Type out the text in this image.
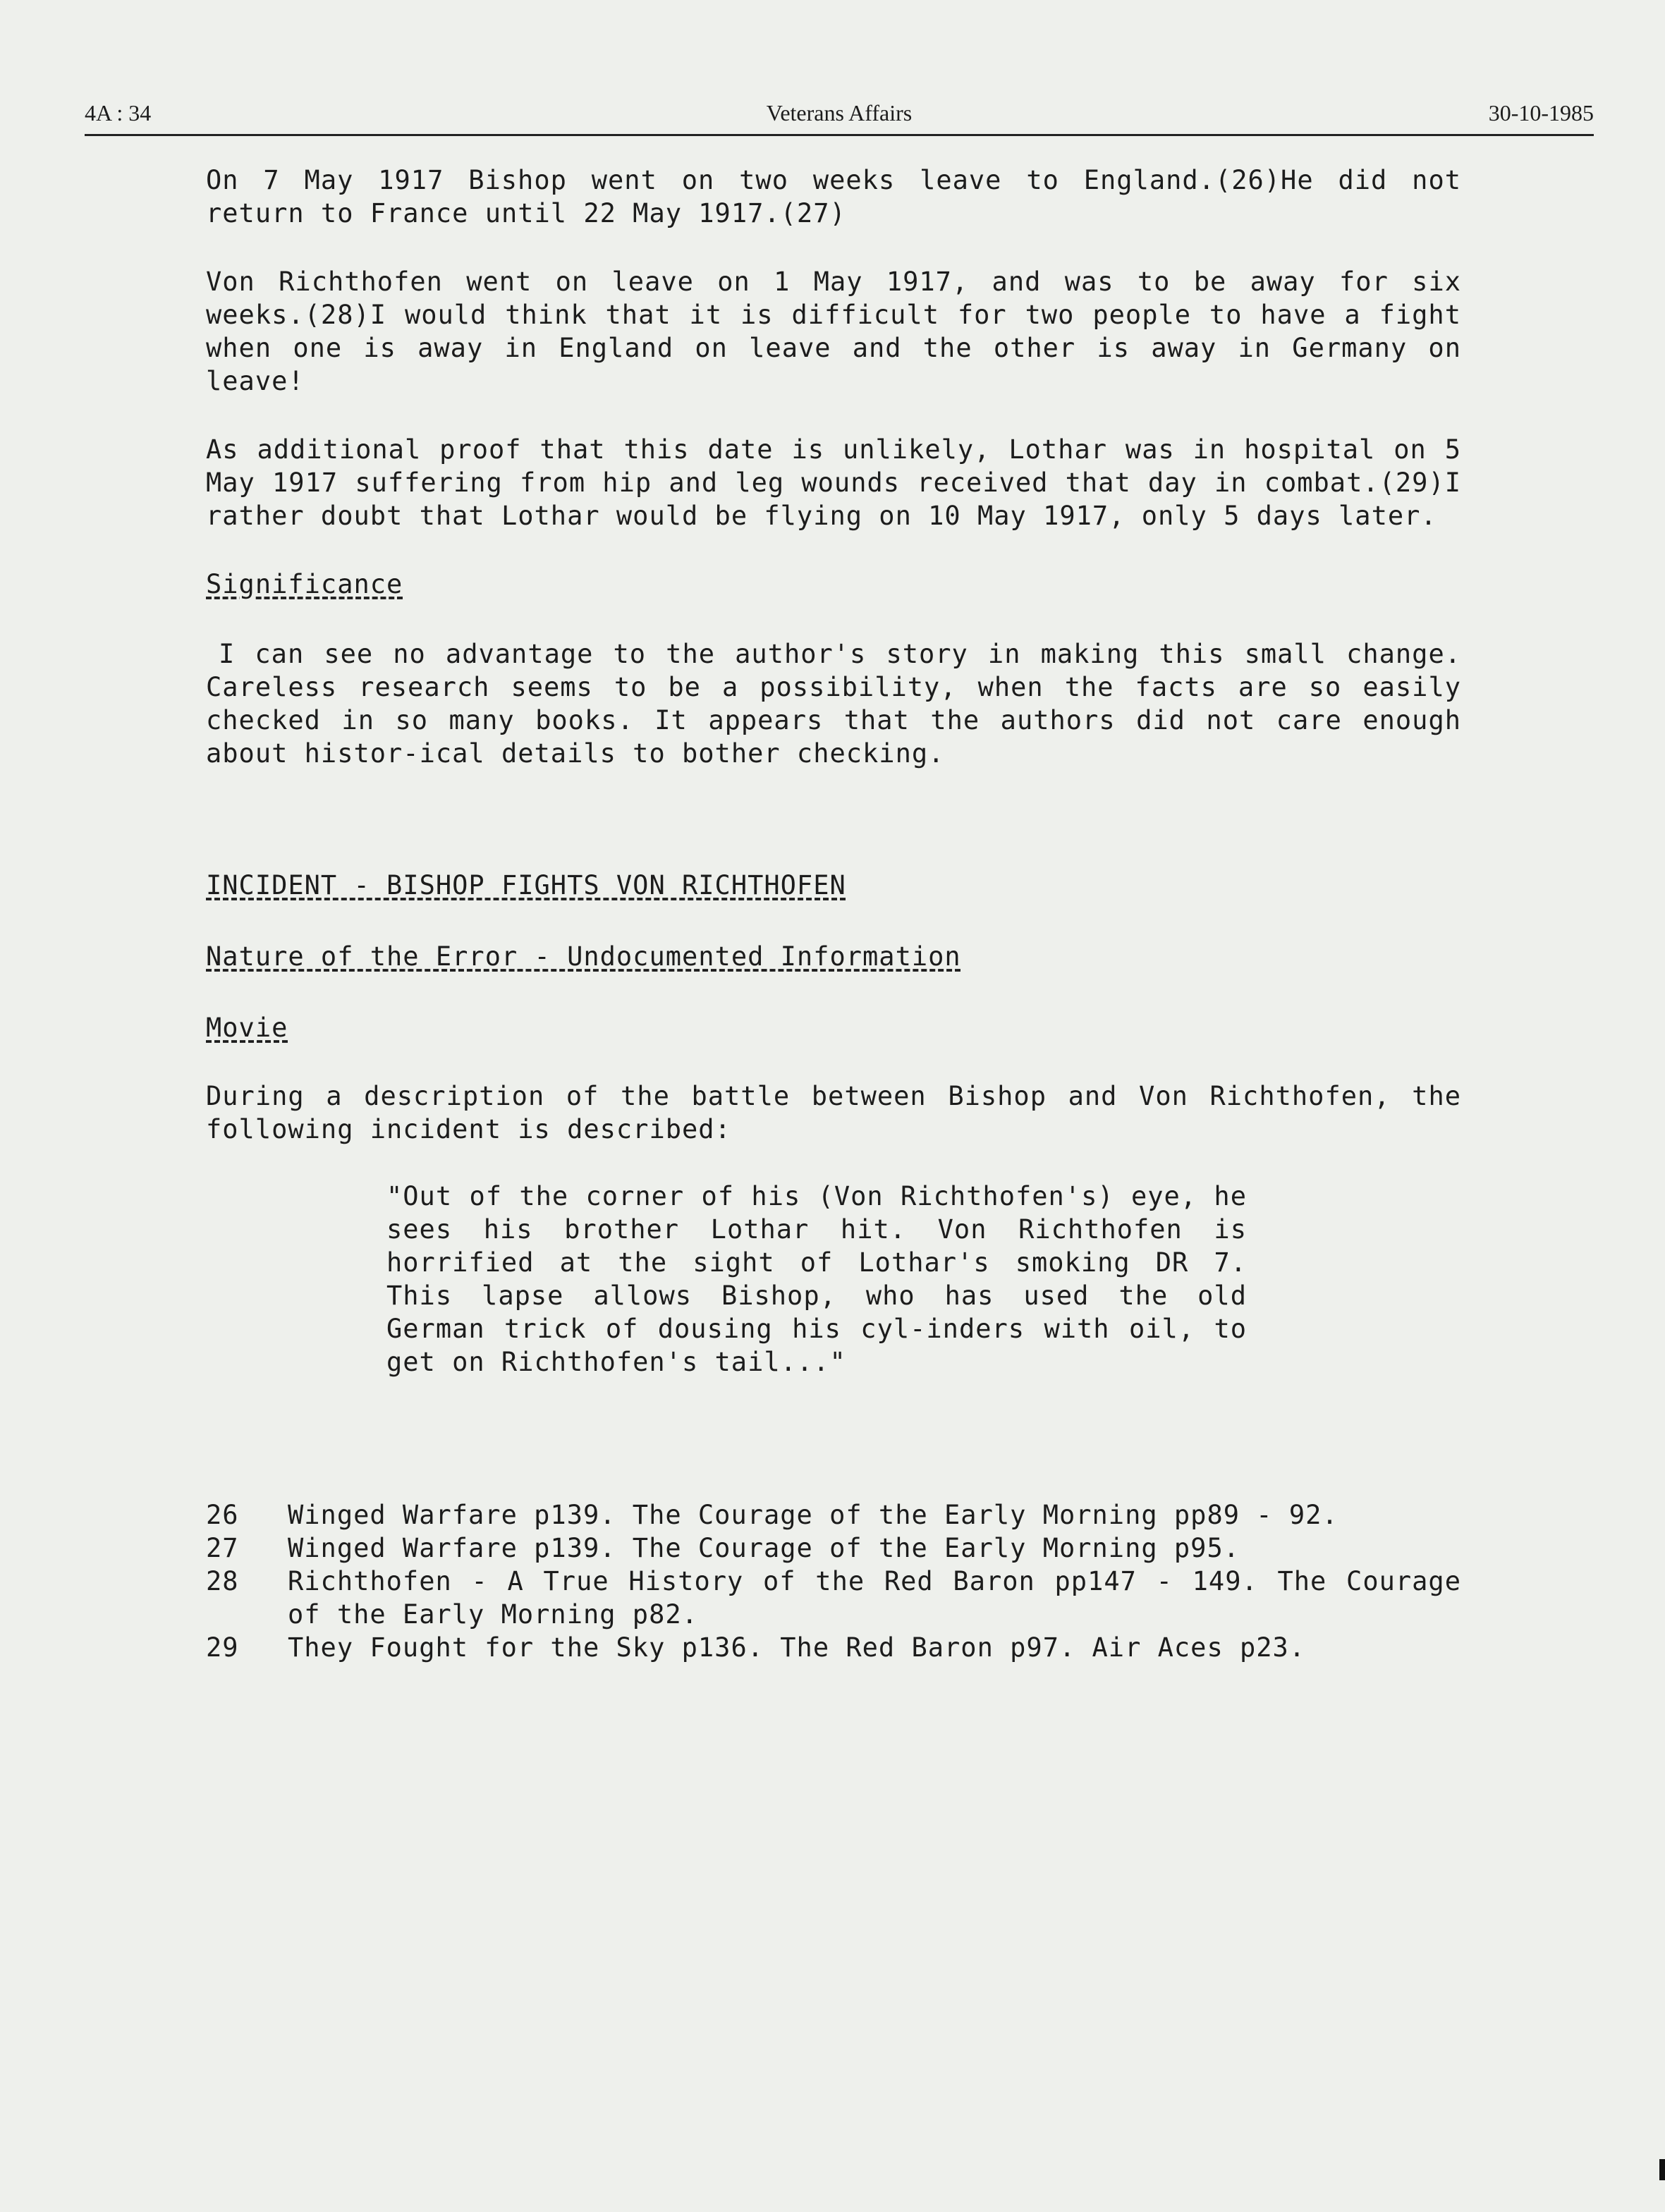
4A : 34	Veterans Affairs	30-10-1985

On 7 May 1917 Bishop went on two weeks leave to England.(26)He did not return to France until 22 May 1917.(27)

Von Richthofen went on leave on 1 May 1917, and was to be away for six weeks.(28)I would think that it is difficult for two people to have a fight when one is away in England on leave and the other is away in Germany on leave!

As additional proof that this date is unlikely, Lothar was in hospital on 5 May 1917 suffering from hip and leg wounds received that day in combat.(29)I rather doubt that Lothar would be flying on 10 May 1917, only 5 days later.

Significance

I can see no advantage to the author's story in making this small change. Careless research seems to be a possibility, when the facts are so easily checked in so many books. It appears that the authors did not care enough about histor-ical details to bother checking.

INCIDENT - BISHOP FIGHTS VON RICHTHOFEN
Nature of the Error - Undocumented Information
Movie

During a description of the battle between Bishop and Von Richthofen, the following incident is described:

"Out of the corner of his (Von Richthofen's) eye, he sees his brother Lothar hit. Von Richthofen is horrified at the sight of Lothar's smoking DR 7. This lapse allows Bishop, who has used the old German trick of dousing his cyl-inders with oil, to get on Richthofen's tail..."

26	Winged Warfare p139. The Courage of the Early Morning pp89 - 92.
27	Winged Warfare p139. The Courage of the Early Morning p95.
28	Richthofen - A True History of the Red Baron pp147 - 149. The Courage of the Early Morning p82.
29	They Fought for the Sky p136. The Red Baron p97. Air Aces p23.
